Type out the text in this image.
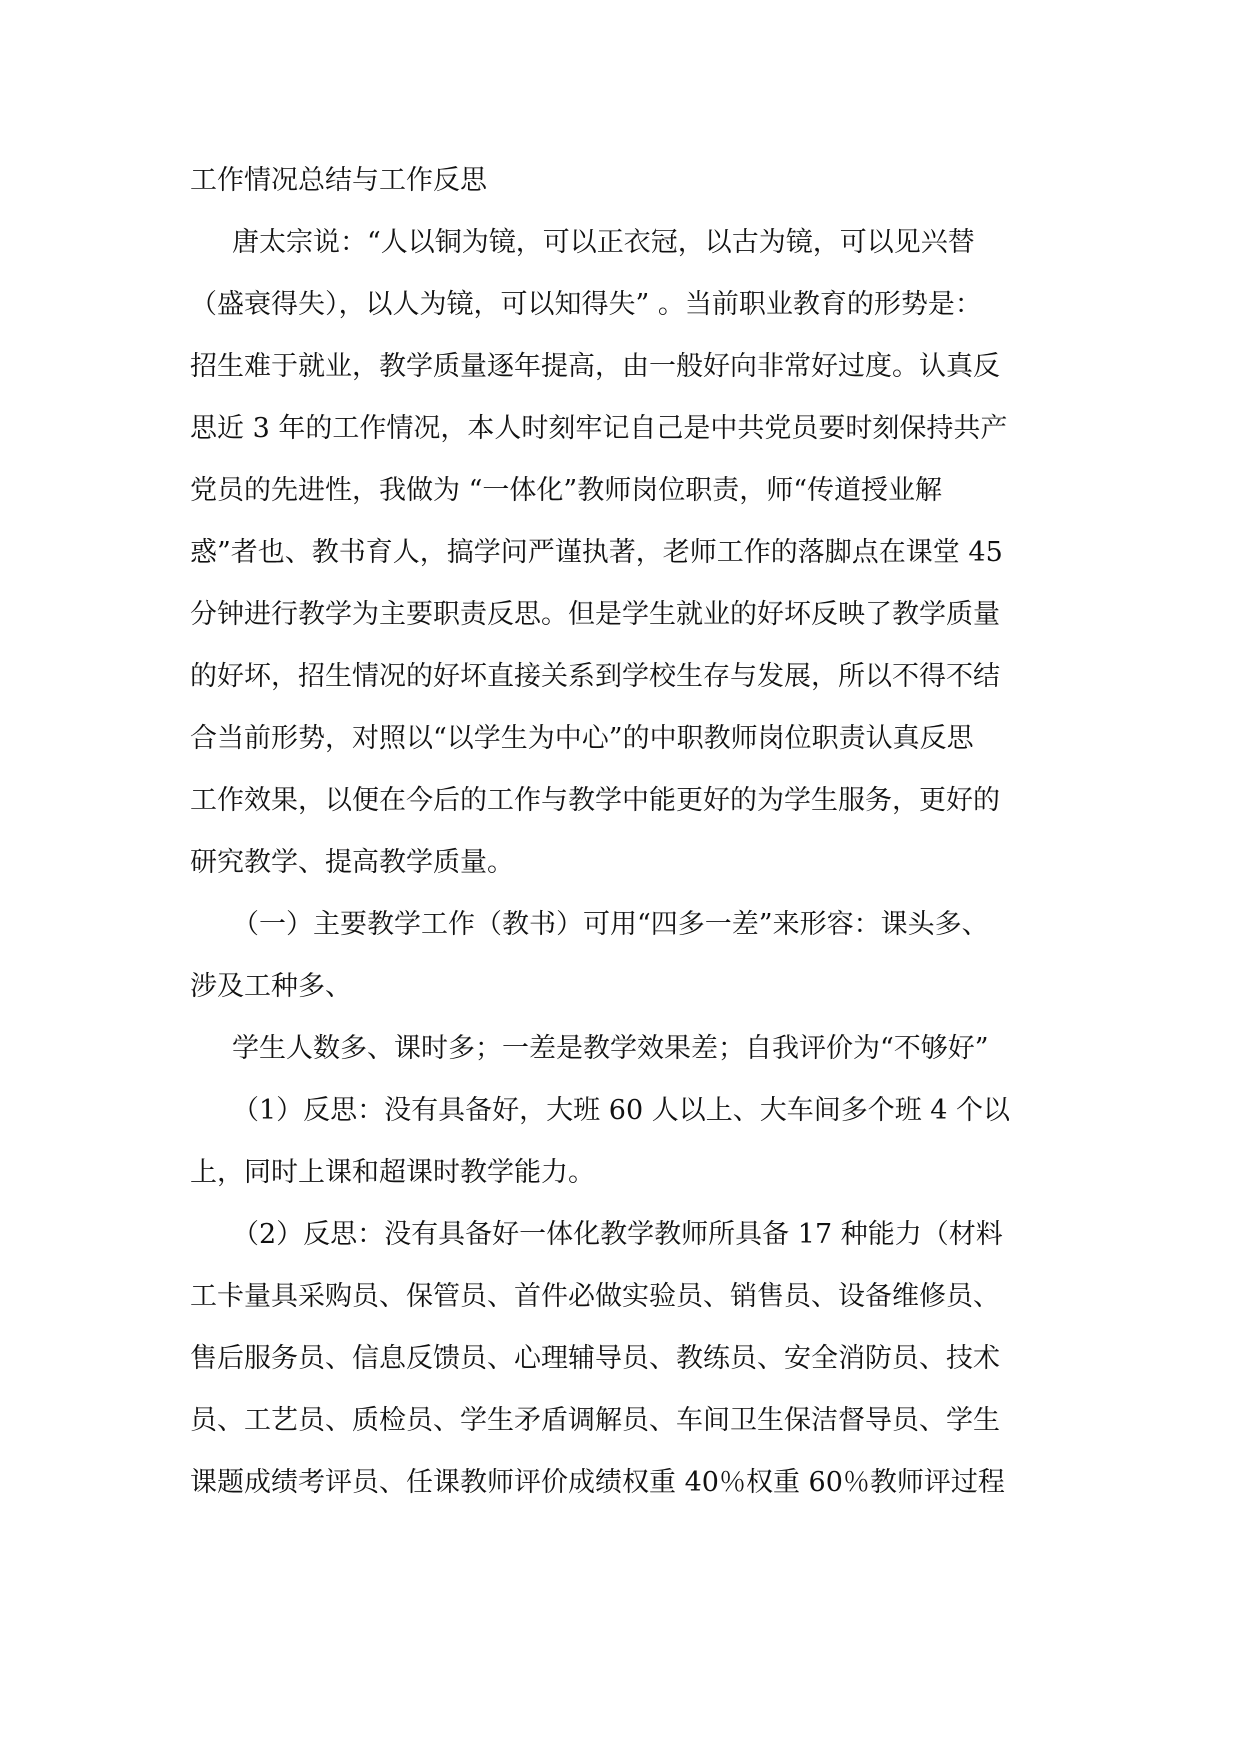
工作情况总结与工作反思
唐太宗说：“人以铜为镜，可以正衣冠，以古为镜，可以见兴替
（盛衰得失），以人为镜，可以知得失” 。当前职业教育的形势是：
招生难于就业，教学质量逐年提高，由一般好向非常好过度。认真反
思近 3 年的工作情况，本人时刻牢记自己是中共党员要时刻保持共产
党员的先进性，我做为 “一体化”教师岗位职责，师“传道授业解
惑”者也、教书育人，搞学问严谨执著，老师工作的落脚点在课堂 45
分钟进行教学为主要职责反思。但是学生就业的好坏反映了教学质量
的好坏，招生情况的好坏直接关系到学校生存与发展，所以不得不结
合当前形势，对照以“以学生为中心”的中职教师岗位职责认真反思
工作效果，以便在今后的工作与教学中能更好的为学生服务，更好的
研究教学、提高教学质量。
（一）主要教学工作（教书）可用“四多一差”来形容：课头多、
涉及工种多、
学生人数多、课时多；一差是教学效果差；自我评价为“不够好”
（1）反思：没有具备好，大班 60 人以上、大车间多个班 4 个以
上，同时上课和超课时教学能力。
（2）反思：没有具备好一体化教学教师所具备 17 种能力（材料
工卡量具采购员、保管员、首件必做实验员、销售员、设备维修员、
售后服务员、信息反馈员、心理辅导员、教练员、安全消防员、技术
员、工艺员、质检员、学生矛盾调解员、车间卫生保洁督导员、学生
课题成绩考评员、任课教师评价成绩权重 40％权重 60％教师评过程
